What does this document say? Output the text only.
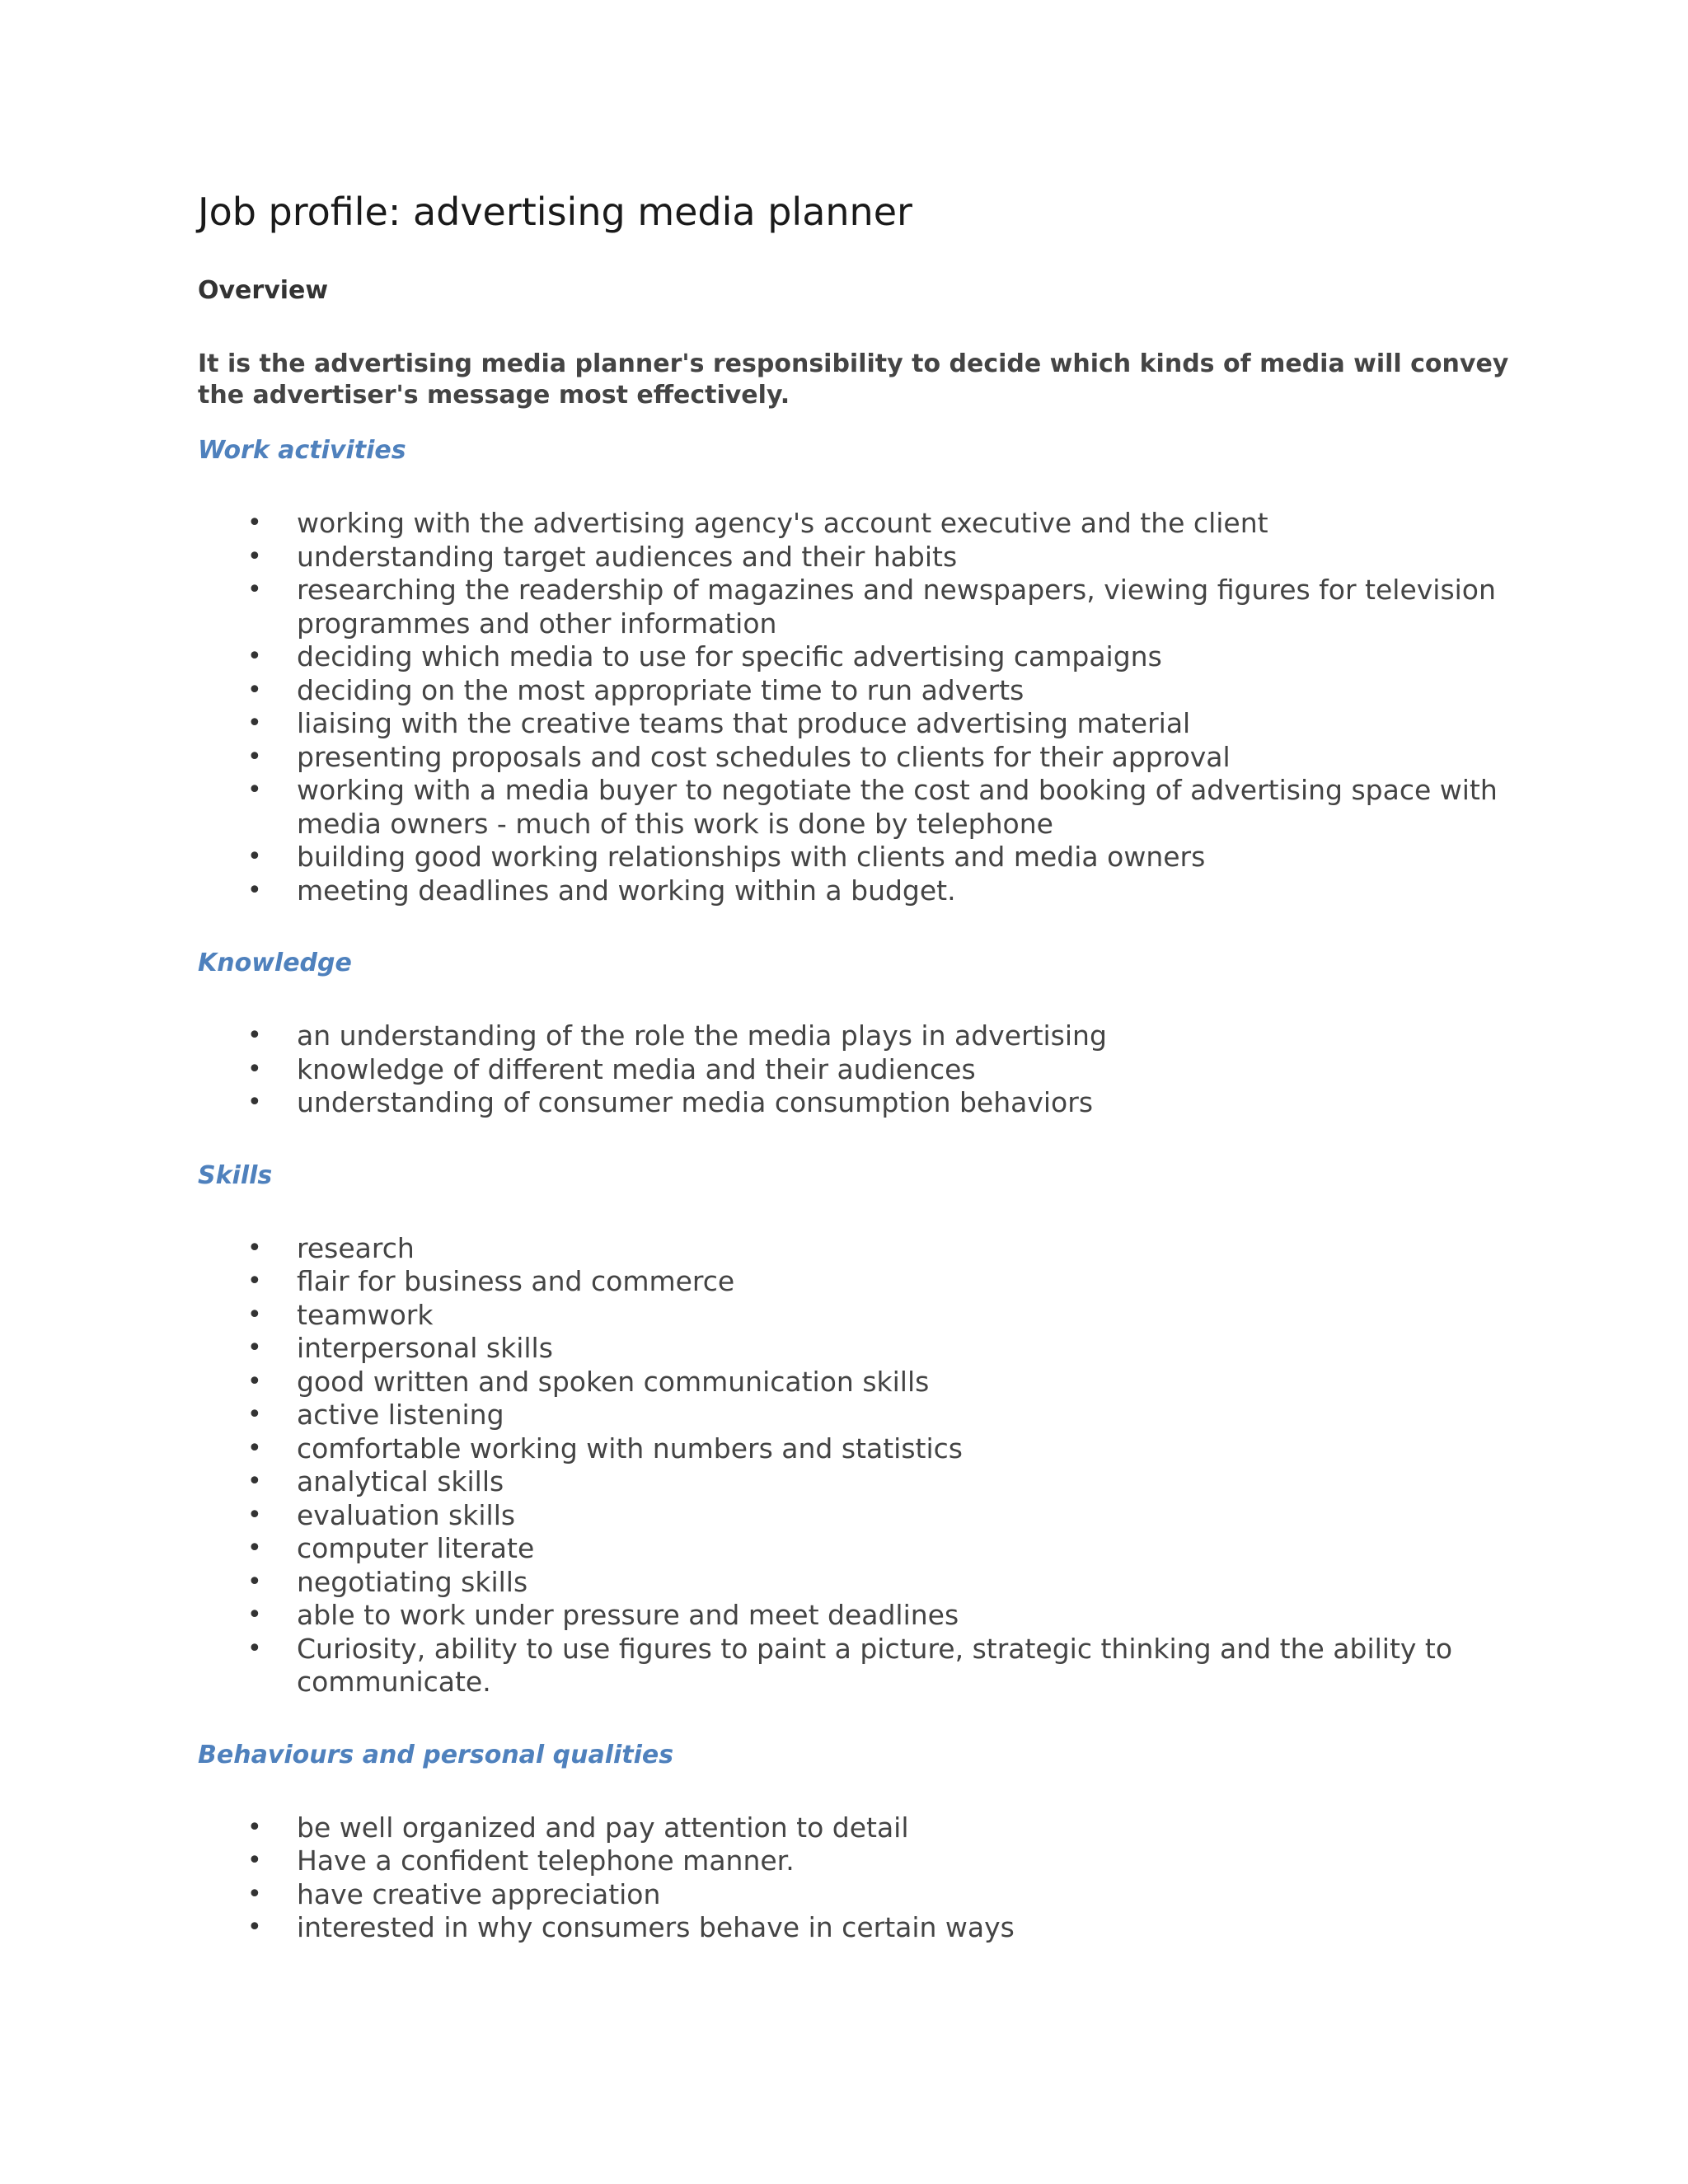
Job profile: advertising media planner
Overview

It is the advertising media planner's responsibility to decide which kinds of media will convey the advertiser's message most effectively.

Work activities
• working with the advertising agency's account executive and the client
• understanding target audiences and their habits
• researching the readership of magazines and newspapers, viewing figures for television programmes and other information
• deciding which media to use for specific advertising campaigns
• deciding on the most appropriate time to run adverts
• liaising with the creative teams that produce advertising material
• presenting proposals and cost schedules to clients for their approval
• working with a media buyer to negotiate the cost and booking of advertising space with media owners - much of this work is done by telephone
• building good working relationships with clients and media owners
• meeting deadlines and working within a budget.
Knowledge
• an understanding of the role the media plays in advertising
• knowledge of different media and their audiences
• understanding of consumer media consumption behaviors
Skills
• research
• flair for business and commerce
• teamwork
• interpersonal skills
• good written and spoken communication skills
• active listening
• comfortable working with numbers and statistics
• analytical skills
• evaluation skills
• computer literate
• negotiating skills
• able to work under pressure and meet deadlines
• Curiosity, ability to use figures to paint a picture, strategic thinking and the ability to communicate.
Behaviours and personal qualities
• be well organized and pay attention to detail
• Have a confident telephone manner.
• have creative appreciation
• interested in why consumers behave in certain ways
